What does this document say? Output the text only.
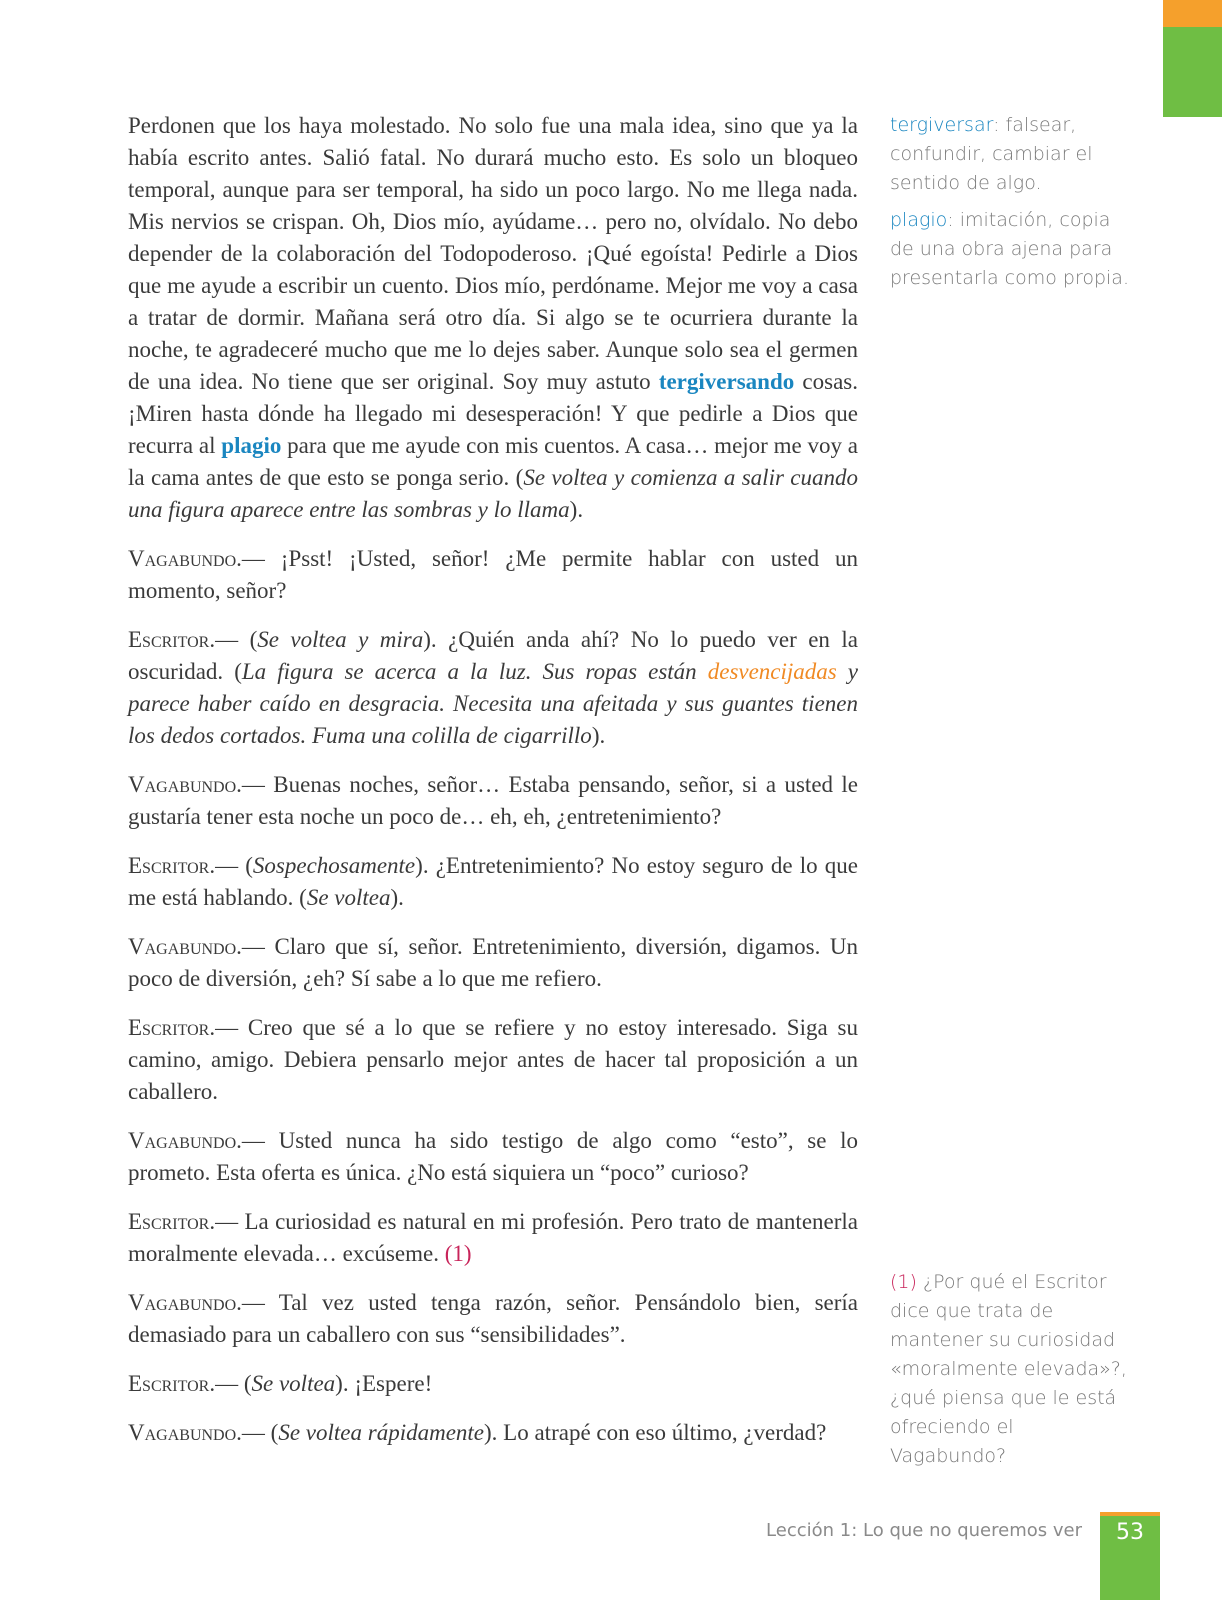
Perdonen que los haya molestado. No solo fue una mala idea, sino que ya la había escrito antes. Salió fatal. No durará mucho esto. Es solo un bloqueo temporal, aunque para ser temporal, ha sido un poco largo. No me llega nada. Mis nervios se crispan. Oh, Dios mío, ayúdame… pero no, olvídalo. No debo depender de la colaboración del Todopoderoso. ¡Qué egoísta! Pedirle a Dios que me ayude a escribir un cuento. Dios mío, perdóname. Mejor me voy a casa a tratar de dormir. Mañana será otro día. Si algo se te ocurriera durante la noche, te agradeceré mucho que me lo dejes saber. Aunque solo sea el germen de una idea. No tiene que ser original. Soy muy astuto tergiversando cosas. ¡Miren hasta dónde ha llegado mi desesperación! Y que pedirle a Dios que recurra al plagio para que me ayude con mis cuentos. A casa… mejor me voy a la cama antes de que esto se ponga serio. (Se voltea y comienza a salir cuando una figura aparece entre las sombras y lo llama).

Vagabundo.— ¡Psst! ¡Usted, señor! ¿Me permite hablar con usted un momento, señor?

Escritor.— (Se voltea y mira). ¿Quién anda ahí? No lo puedo ver en la oscuridad. (La figura se acerca a la luz. Sus ropas están desvencijadas y parece haber caído en desgracia. Necesita una afeitada y sus guantes tienen los dedos cortados. Fuma una colilla de cigarrillo).

Vagabundo.— Buenas noches, señor… Estaba pensando, señor, si a usted le gustaría tener esta noche un poco de… eh, eh, ¿entretenimiento?

Escritor.— (Sospechosamente). ¿Entretenimiento? No estoy seguro de lo que me está hablando. (Se voltea).

Vagabundo.— Claro que sí, señor. Entretenimiento, diversión, digamos. Un poco de diversión, ¿eh? Sí sabe a lo que me refiero.

Escritor.— Creo que sé a lo que se refiere y no estoy interesado. Siga su camino, amigo. Debiera pensarlo mejor antes de hacer tal proposición a un caballero.

Vagabundo.— Usted nunca ha sido testigo de algo como “esto”, se lo prometo. Esta oferta es única. ¿No está siquiera un “poco” curioso?

Escritor.— La curiosidad es natural en mi profesión. Pero trato de mantenerla moralmente elevada… excúseme. (1)

Vagabundo.— Tal vez usted tenga razón, señor. Pensándolo bien, sería demasiado para un caballero con sus “sensibilidades”.

Escritor.— (Se voltea). ¡Espere!

Vagabundo.— (Se voltea rápidamente). Lo atrapé con eso último, ¿verdad?

tergiversar: falsear, confundir, cambiar el sentido de algo.

plagio: imitación, copia de una obra ajena para presentarla como propia.

(1) ¿Por qué el Escritor dice que trata de mantener su curiosidad «moralmente elevada»?, ¿qué piensa que le está ofreciendo el Vagabundo?

Lección 1: Lo que no queremos ver	53
